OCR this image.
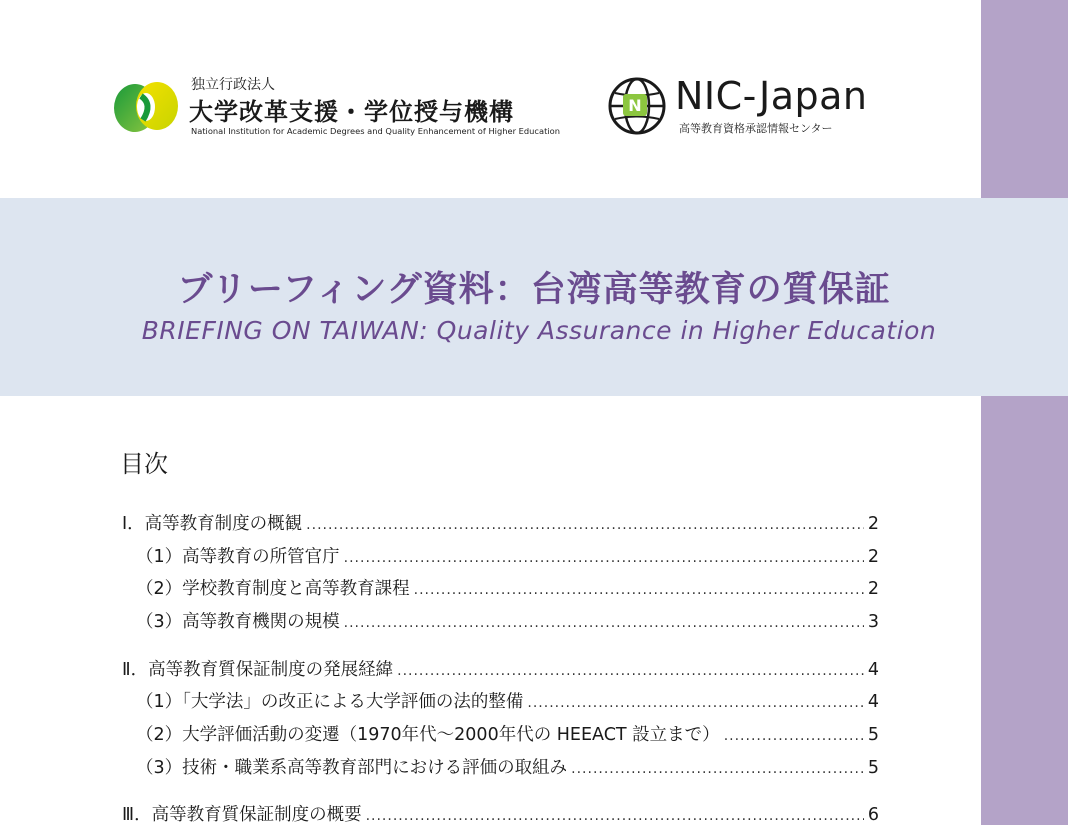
独立行政法人
大学改革支援・学位授与機構
National Institution for Academic Degrees and Quality Enhancement of Higher Education
N NIC-Japan
高等教育資格承認情報センター
ブリーフィング資料：台湾高等教育の質保証
BRIEFING ON TAIWAN: Quality Assurance in Higher Education
目次
Ⅰ．高等教育制度の概観 .....	2
（1）高等教育の所管官庁 .....	2
（2）学校教育制度と高等教育課程 .....	2
（3）高等教育機関の規模 .....	3
Ⅱ．高等教育質保証制度の発展経緯 .....	4
（1）「大学法」の改正による大学評価の法的整備 .....	4
（2）大学評価活動の変遷（1970年代～2000年代の HEEACT 設立まで） .....	5
（3）技術・職業系高等教育部門における評価の取組み .....	5
Ⅲ．高等教育質保証制度の概要 .....	6
